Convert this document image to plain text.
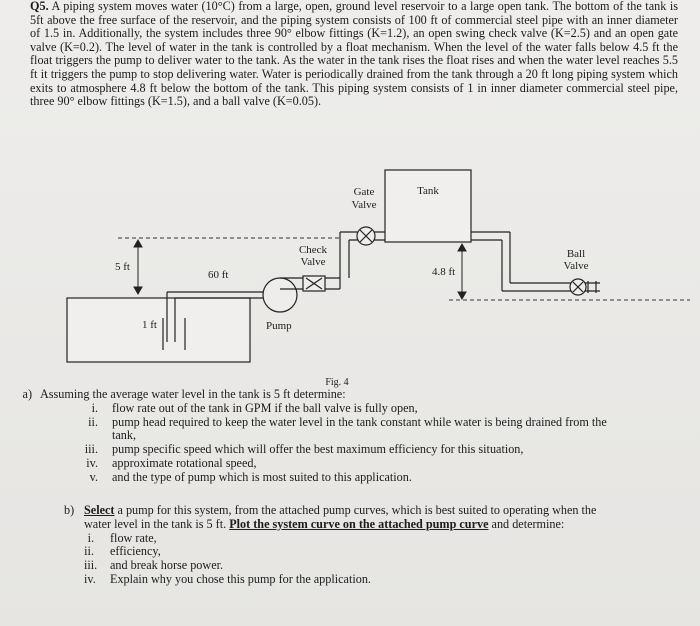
Q5. A piping system moves water (10°C) from a large, open, ground level reservoir to a large open tank. The bottom of the tank is 5ft above the free surface of the reservoir, and the piping system consists of 100 ft of commercial steel pipe with an inner diameter of 1.5 in. Additionally, the system includes three 90° elbow fittings (K=1.2), an open swing check valve (K=2.5) and an open gate valve (K=0.2). The level of water in the tank is controlled by a float mechanism. When the level of the water falls below 4.5 ft the float triggers the pump to deliver water to the tank. As the water in the tank rises the float rises and when the water level reaches 5.5 ft it triggers the pump to stop delivering water. Water is periodically drained from the tank through a 20 ft long piping system which exits to atmosphere 4.8 ft below the bottom of the tank. This piping system consists of 1 in inner diameter commercial steel pipe, three 90° elbow fittings (K=1.5), and a ball valve (K=0.05).

Gate
Valve
Tank
Check
Valve
Ball
Valve
5 ft
60 ft	4.8 ft
1 ft	Pump
Fig. 4
a) Assuming the average water level in the tank is 5 ft determine:
i.	flow rate out of the tank in GPM if the ball valve is fully open,
ii.	pump head required to keep the water level in the tank constant while water is being drained from the tank,
iii.	pump specific speed which will offer the best maximum efficiency for this situation,
iv.	approximate rotational speed,
v.	and the type of pump which is most suited to this application.
b) Select a pump for this system, from the attached pump curves, which is best suited to operating when the water level in the tank is 5 ft. Plot the system curve on the attached pump curve and determine:
i.	flow rate,
ii.	efficiency,
iii.	and break horse power.
iv.	Explain why you chose this pump for the application.
